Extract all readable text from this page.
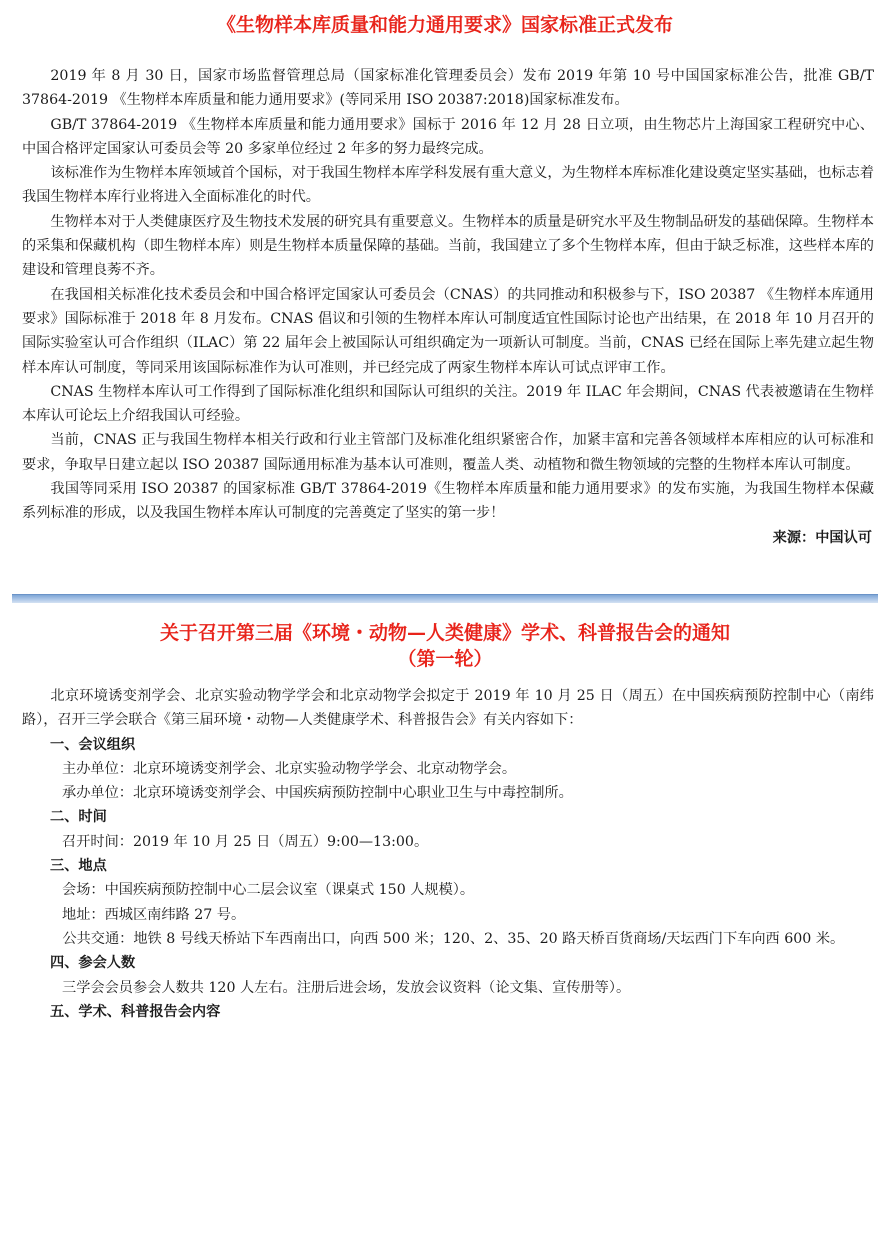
《生物样本库质量和能力通用要求》国家标准正式发布

2019 年 8 月 30 日，国家市场监督管理总局（国家标准化管理委员会）发布 2019 年第 10 号中国国家标准公告，批准 GB/T 37864-2019 《生物样本库质量和能力通用要求》(等同采用 ISO 20387:2018)国家标准发布。

GB/T 37864-2019 《生物样本库质量和能力通用要求》国标于 2016 年 12 月 28 日立项，由生物芯片上海国家工程研究中心、中国合格评定国家认可委员会等 20 多家单位经过 2 年多的努力最终完成。

该标准作为生物样本库领域首个国标，对于我国生物样本库学科发展有重大意义，为生物样本库标准化建设奠定坚实基础，也标志着我国生物样本库行业将进入全面标准化的时代。

生物样本对于人类健康医疗及生物技术发展的研究具有重要意义。生物样本的质量是研究水平及生物制品研发的基础保障。生物样本的采集和保藏机构（即生物样本库）则是生物样本质量保障的基础。当前，我国建立了多个生物样本库，但由于缺乏标准，这些样本库的建设和管理良莠不齐。

在我国相关标准化技术委员会和中国合格评定国家认可委员会（CNAS）的共同推动和积极参与下，ISO 20387 《生物样本库通用要求》国际标准于 2018 年 8 月发布。CNAS 倡议和引领的生物样本库认可制度适宜性国际讨论也产出结果，在 2018 年 10 月召开的国际实验室认可合作组织（ILAC）第 22 届年会上被国际认可组织确定为一项新认可制度。当前，CNAS 已经在国际上率先建立起生物样本库认可制度，等同采用该国际标准作为认可准则，并已经完成了两家生物样本库认可试点评审工作。

CNAS 生物样本库认可工作得到了国际标准化组织和国际认可组织的关注。2019 年 ILAC 年会期间，CNAS 代表被邀请在生物样本库认可论坛上介绍我国认可经验。

当前，CNAS 正与我国生物样本相关行政和行业主管部门及标准化组织紧密合作，加紧丰富和完善各领域样本库相应的认可标准和要求，争取早日建立起以 ISO 20387 国际通用标准为基本认可准则，覆盖人类、动植物和微生物领域的完整的生物样本库认可制度。

我国等同采用 ISO 20387 的国家标准 GB/T 37864-2019《生物样本库质量和能力通用要求》的发布实施，为我国生物样本保藏系列标准的形成，以及我国生物样本库认可制度的完善奠定了坚实的第一步！

来源：中国认可

关于召开第三届《环境・动物—人类健康》学术、科普报告会的通知
（第一轮）

北京环境诱变剂学会、北京实验动物学学会和北京动物学会拟定于 2019 年 10 月 25 日（周五）在中国疾病预防控制中心（南纬路），召开三学会联合《第三届环境・动物—人类健康学术、科普报告会》有关内容如下：

一、会议组织

主办单位：北京环境诱变剂学会、北京实验动物学学会、北京动物学会。

承办单位：北京环境诱变剂学会、中国疾病预防控制中心职业卫生与中毒控制所。

二、时间

召开时间：2019 年 10 月 25 日（周五）9:00—13:00。

三、地点

会场：中国疾病预防控制中心二层会议室（课桌式 150 人规模）。

地址：西城区南纬路 27 号。

公共交通：地铁 8 号线天桥站下车西南出口，向西 500 米；120、2、35、20 路天桥百货商场/天坛西门下车向西 600 米。

四、参会人数

三学会会员参会人数共 120 人左右。注册后进会场，发放会议资料（论文集、宣传册等）。

五、学术、科普报告会内容
